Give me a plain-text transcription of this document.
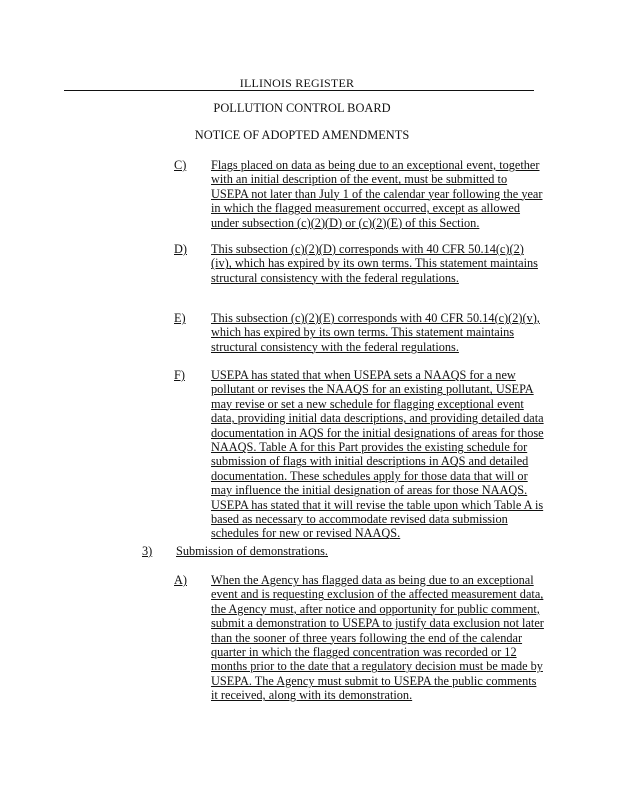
ILLINOIS REGISTER
POLLUTION CONTROL BOARD
NOTICE OF ADOPTED AMENDMENTS
C) Flags placed on data as being due to an exceptional event, together with an initial description of the event, must be submitted to USEPA not later than July 1 of the calendar year following the year in which the flagged measurement occurred, except as allowed under subsection (c)(2)(D) or (c)(2)(E) of this Section.
D) This subsection (c)(2)(D) corresponds with 40 CFR 50.14(c)(2)(iv), which has expired by its own terms. This statement maintains structural consistency with the federal regulations.
E) This subsection (c)(2)(E) corresponds with 40 CFR 50.14(c)(2)(v), which has expired by its own terms. This statement maintains structural consistency with the federal regulations.
F) USEPA has stated that when USEPA sets a NAAQS for a new pollutant or revises the NAAQS for an existing pollutant, USEPA may revise or set a new schedule for flagging exceptional event data, providing initial data descriptions, and providing detailed data documentation in AQS for the initial designations of areas for those NAAQS. Table A for this Part provides the existing schedule for submission of flags with initial descriptions in AQS and detailed documentation. These schedules apply for those data that will or may influence the initial designation of areas for those NAAQS. USEPA has stated that it will revise the table upon which Table A is based as necessary to accommodate revised data submission schedules for new or revised NAAQS.
3) Submission of demonstrations.
A) When the Agency has flagged data as being due to an exceptional event and is requesting exclusion of the affected measurement data, the Agency must, after notice and opportunity for public comment, submit a demonstration to USEPA to justify data exclusion not later than the sooner of three years following the end of the calendar quarter in which the flagged concentration was recorded or 12 months prior to the date that a regulatory decision must be made by USEPA. The Agency must submit to USEPA the public comments it received, along with its demonstration.
